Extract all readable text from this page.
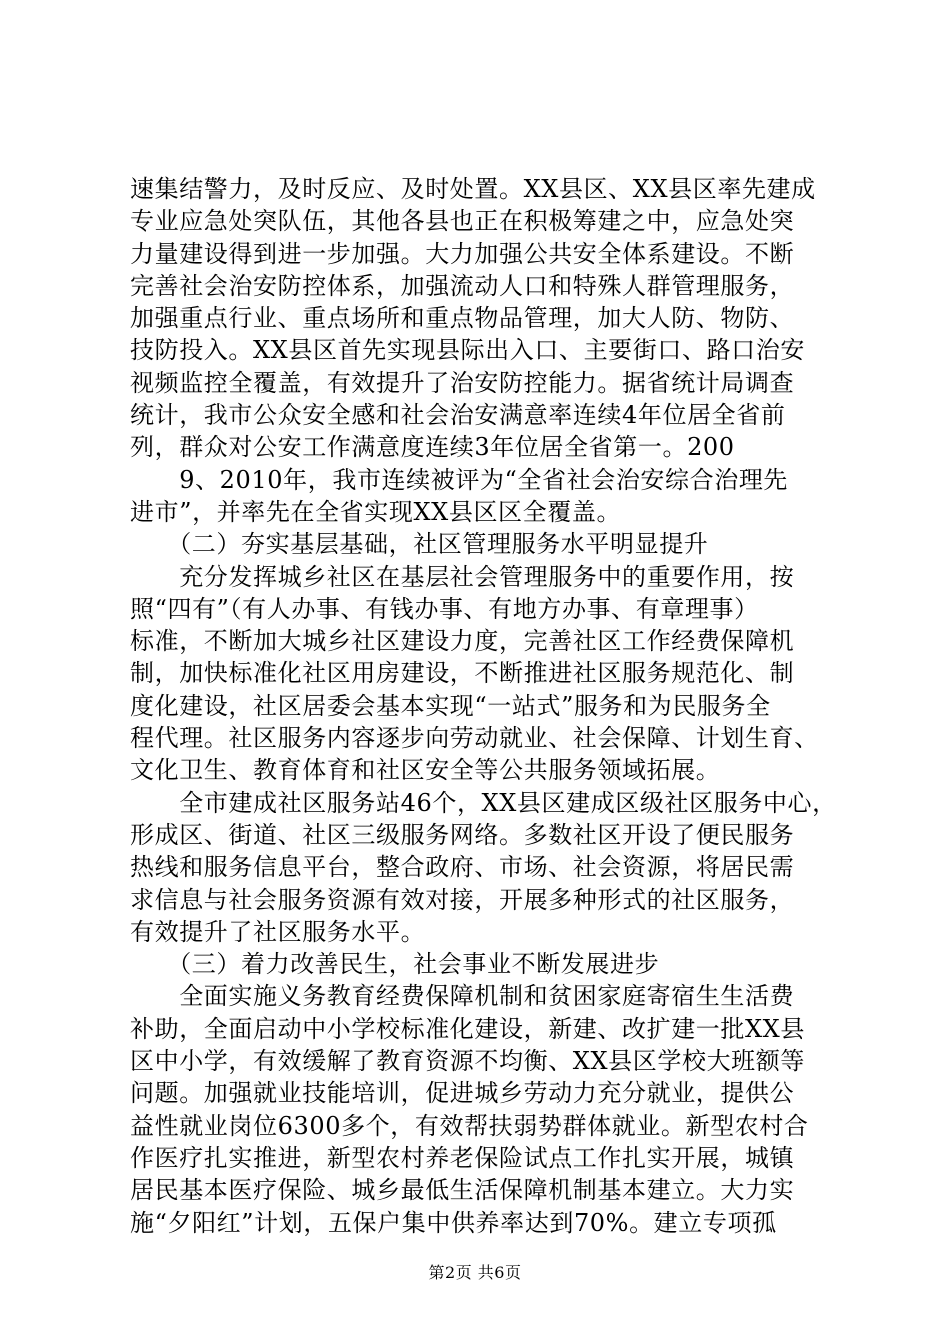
速集结警力，及时反应、及时处置。XX县区、XX县区率先建成
专业应急处突队伍，其他各县也正在积极筹建之中，应急处突
力量建设得到进一步加强。大力加强公共安全体系建设。不断
完善社会治安防控体系，加强流动人口和特殊人群管理服务，
加强重点行业、重点场所和重点物品管理，加大人防、物防、
技防投入。XX县区首先实现县际出入口、主要街口、路口治安
视频监控全覆盖，有效提升了治安防控能力。据省统计局调查
统计，我市公众安全感和社会治安满意率连续4年位居全省前
列，群众对公安工作满意度连续3年位居全省第一。200
　　9、2010年，我市连续被评为“全省社会治安综合治理先
进市”，并率先在全省实现XX县区区全覆盖。
　　（二）夯实基层基础，社区管理服务水平明显提升
　　充分发挥城乡社区在基层社会管理服务中的重要作用，按
照“四有”（有人办事、有钱办事、有地方办事、有章理事）
标准，不断加大城乡社区建设力度，完善社区工作经费保障机
制，加快标准化社区用房建设，不断推进社区服务规范化、制
度化建设，社区居委会基本实现“一站式”服务和为民服务全
程代理。社区服务内容逐步向劳动就业、社会保障、计划生育、
文化卫生、教育体育和社区安全等公共服务领域拓展。
　　全市建成社区服务站46个，XX县区建成区级社区服务中心，
形成区、街道、社区三级服务网络。多数社区开设了便民服务
热线和服务信息平台，整合政府、市场、社会资源，将居民需
求信息与社会服务资源有效对接，开展多种形式的社区服务，
有效提升了社区服务水平。
　　（三）着力改善民生，社会事业不断发展进步
　　全面实施义务教育经费保障机制和贫困家庭寄宿生生活费
补助，全面启动中小学校标准化建设，新建、改扩建一批XX县
区中小学，有效缓解了教育资源不均衡、XX县区学校大班额等
问题。加强就业技能培训，促进城乡劳动力充分就业，提供公
益性就业岗位6300多个，有效帮扶弱势群体就业。新型农村合
作医疗扎实推进，新型农村养老保险试点工作扎实开展，城镇
居民基本医疗保险、城乡最低生活保障机制基本建立。大力实
施“夕阳红”计划，五保户集中供养率达到70%。建立专项孤
第2页 共6页
